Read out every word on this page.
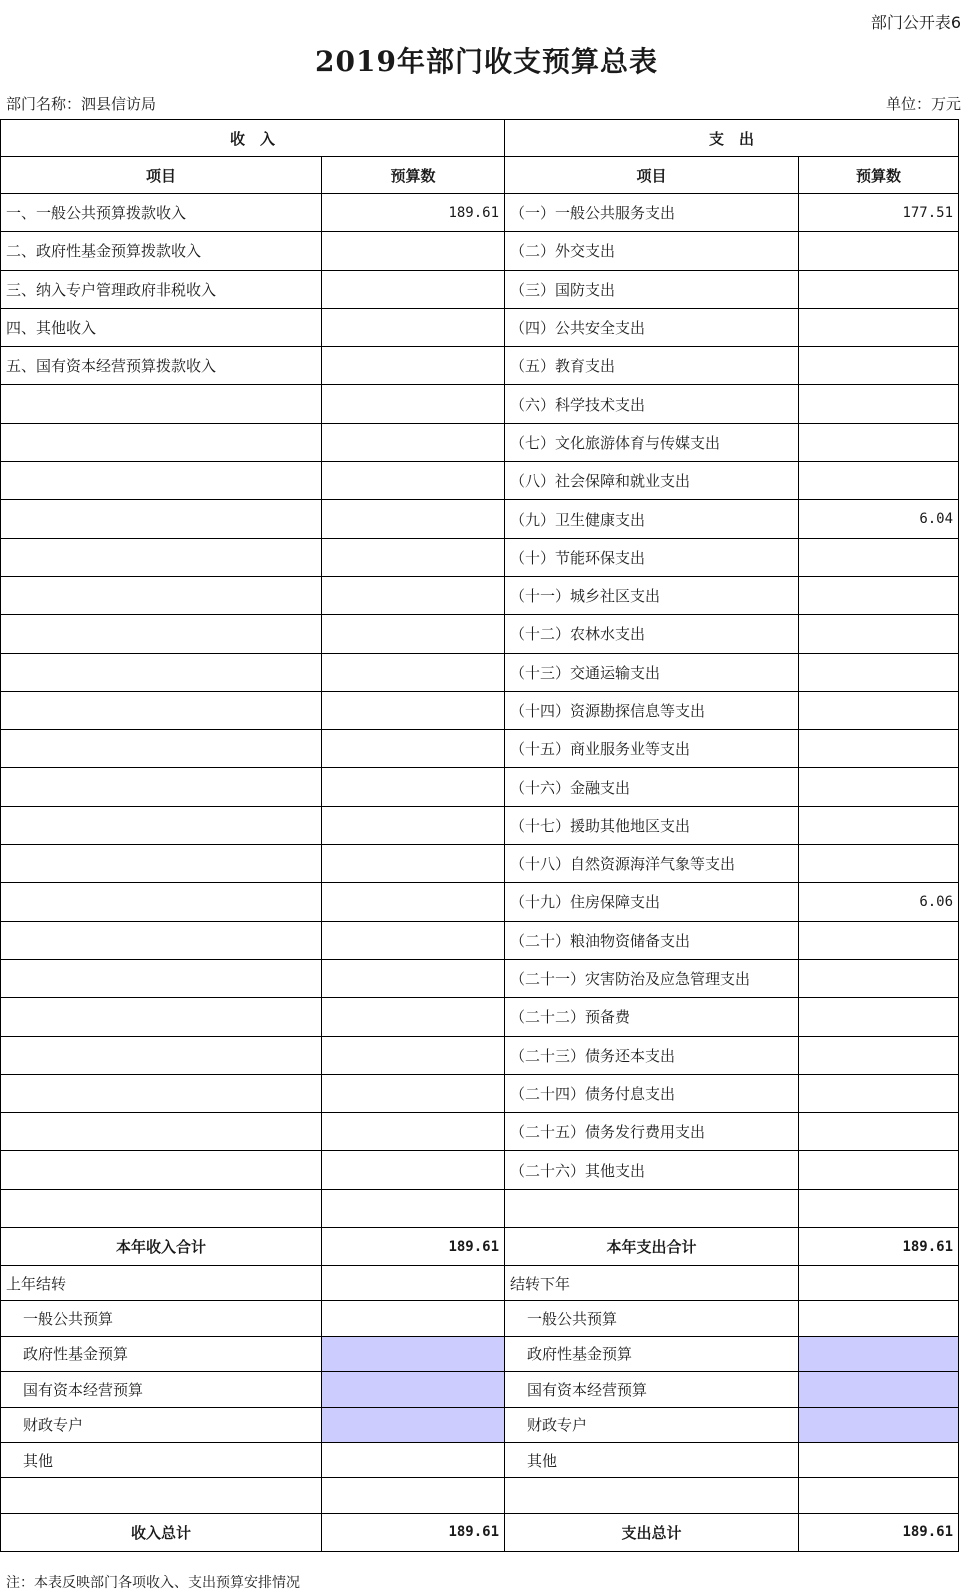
部门公开表6
2019年部门收支预算总表
部门名称：泗县信访局	单位：万元
收　入		支　出	
项目	预算数	项目	预算数
一、一般公共预算拨款收入	189.61	（一）一般公共服务支出	177.51
二、政府性基金预算拨款收入		（二）外交支出	
三、纳入专户管理政府非税收入		（三）国防支出	
四、其他收入		（四）公共安全支出	
五、国有资本经营预算拨款收入		（五）教育支出	
		（六）科学技术支出	
		（七）文化旅游体育与传媒支出	
		（八）社会保障和就业支出	
		（九）卫生健康支出	6.04
		（十）节能环保支出	
		（十一）城乡社区支出	
		（十二）农林水支出	
		（十三）交通运输支出	
		（十四）资源勘探信息等支出	
		（十五）商业服务业等支出	
		（十六）金融支出	
		（十七）援助其他地区支出	
		（十八）自然资源海洋气象等支出	
		（十九）住房保障支出	6.06
		（二十）粮油物资储备支出	
		（二十一）灾害防治及应急管理支出	
		（二十二）预备费	
		（二十三）债务还本支出	
		（二十四）债务付息支出	
		（二十五）债务发行费用支出	
		（二十六）其他支出	

本年收入合计	189.61	本年支出合计	189.61
上年结转		结转下年	
一般公共预算		一般公共预算	
政府性基金预算		政府性基金预算	
国有资本经营预算		国有资本经营预算	
财政专户		财政专户	
其他		其他	

收入总计	189.61	支出总计	189.61
注：本表反映部门各项收入、支出预算安排情况
